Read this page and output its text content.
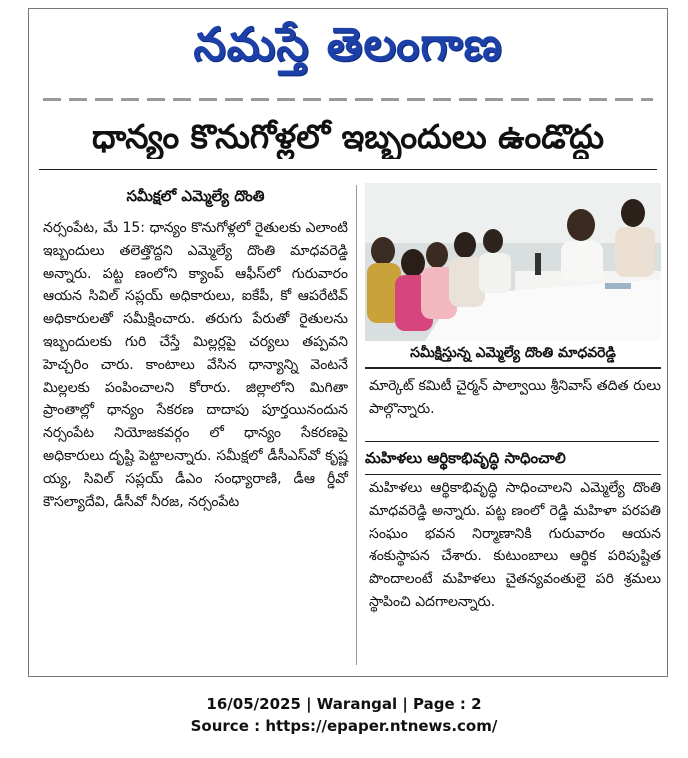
నమస్తే తెలంగాణ
ధాన్యం కొనుగోళ్లలో ఇబ్బందులు ఉండొద్దు
సమీక్షలో ఎమ్మెల్యే దొంతి

నర్సంపేట, మే 15: ధాన్యం కొనుగోళ్లలో రైతులకు ఎలాంటి ఇబ్బందులు తలెత్తొద్దని ఎమ్మెల్యే దొంతి మాధవరెడ్డి అన్నారు. పట్ట ణంలోని క్యాంప్ ఆఫీస్‌లో గురువారం ఆయన సివిల్ సప్లయ్ అధికారులు, ఐకేపీ, కో ఆపరేటివ్ అధికారులతో సమీక్షించారు. తరుగు పేరుతో రైతులను ఇబ్బందులకు గురి చేస్తే మిల్లర్లపై చర్యలు తప్పవని హెచ్చరిం చారు. కాంటాలు వేసిన ధాన్యాన్ని వెంటనే మిల్లలకు పంపించాలని కోరారు. జిల్లాలోని మిగితా ప్రాంతాల్లో ధాన్యం సేకరణ దాదాపు పూర్తయినందున నర్సంపేట నియోజకవర్గం లో ధాన్యం సేకరణపై అధికారులు దృష్టి పెట్టాలన్నారు. సమీక్షలో డీసీఎస్‌వో కృష్ణ య్య, సివిల్ సప్లయ్ డీఎం సంధ్యారాణి, డీఆ ర్డీవో కౌసల్యాదేవి, డీసీవో నీరజ, నర్సంపేట

సమీక్షిస్తున్న ఎమ్మెల్యే దొంతి మాధవరెడ్డి

మార్కెట్ కమిటీ చైర్మన్ పాల్వాయి శ్రీనివాస్ తదిత రులు పాల్గొన్నారు.

మహిళలు ఆర్థికాభివృద్ధి సాధించాలి

మహిళలు ఆర్థికాభివృద్ధి సాధించాలని ఎమ్మెల్యే దొంతి మాధవరెడ్డి అన్నారు. పట్ట ణంలో రెడ్డి మహిళా పరపతి సంఘం భవన నిర్మాణానికి గురువారం ఆయన శంకుస్థాపన చేశారు. కుటుంబాలు ఆర్థిక పరిపుష్టిత పొందాలంటే మహిళలు చైతన్యవంతులై పరి శ్రమలు స్థాపించి ఎదగాలన్నారు.

16/05/2025 | Warangal | Page : 2
Source : https://epaper.ntnews.com/
